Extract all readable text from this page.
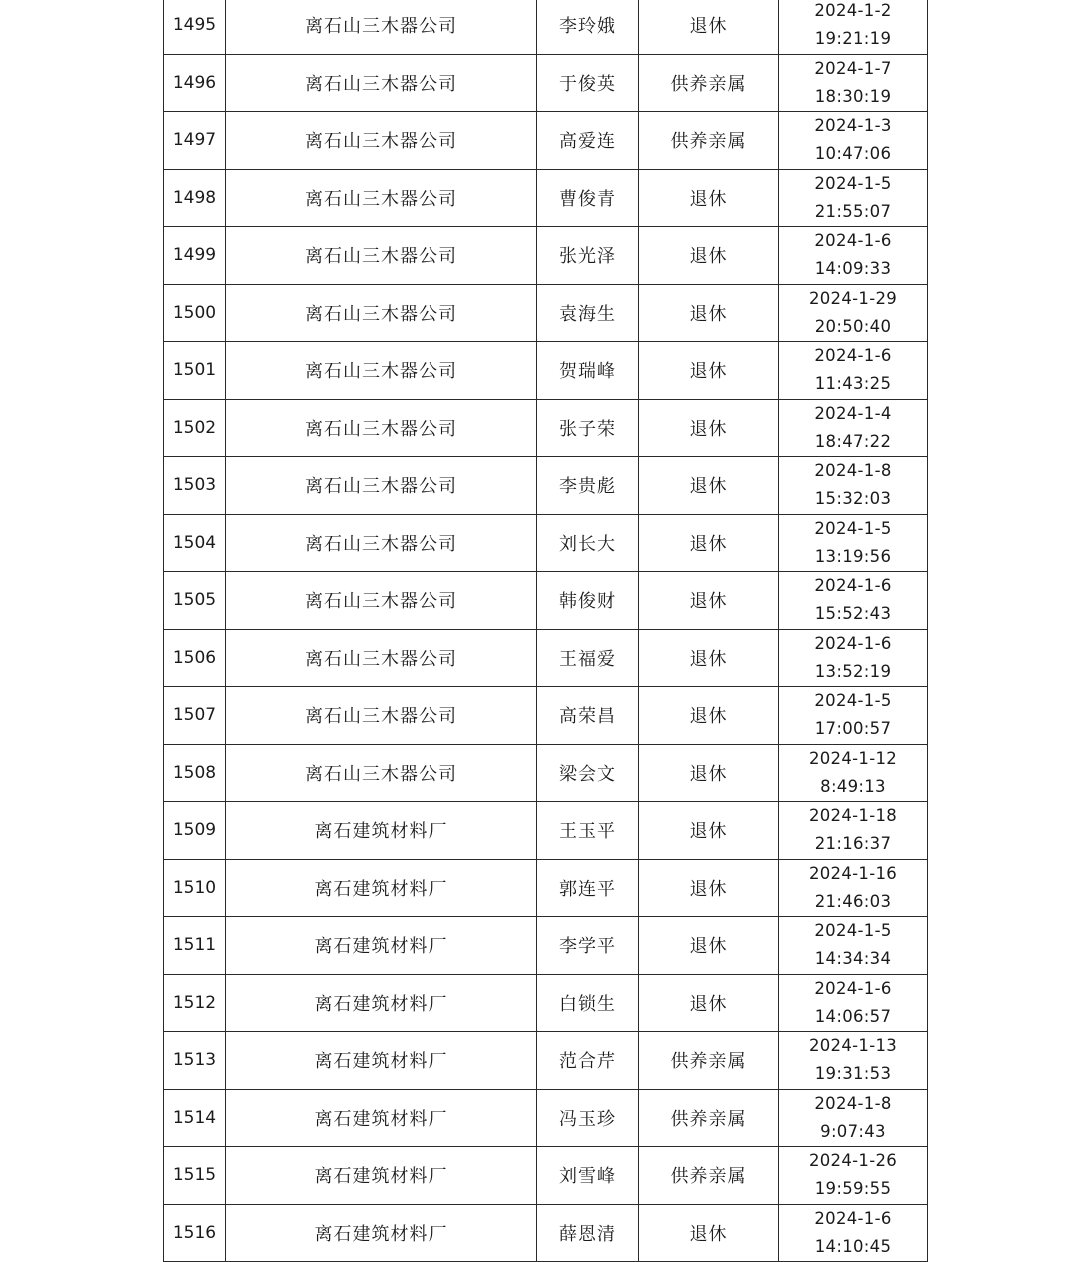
1495	离石山三木器公司	李玲娥	退休	2024-1-2
19:21:19

1496	离石山三木器公司	于俊英	供养亲属	2024-1-7
18:30:19

1497	离石山三木器公司	高爱连	供养亲属	2024-1-3
10:47:06

1498	离石山三木器公司	曹俊青	退休	2024-1-5
21:55:07

1499	离石山三木器公司	张光泽	退休	2024-1-6
14:09:33

1500	离石山三木器公司	袁海生	退休	2024-1-29
20:50:40

1501	离石山三木器公司	贺瑞峰	退休	2024-1-6
11:43:25

1502	离石山三木器公司	张子荣	退休	2024-1-4
18:47:22

1503	离石山三木器公司	李贵彪	退休	2024-1-8
15:32:03

1504	离石山三木器公司	刘长大	退休	2024-1-5
13:19:56

1505	离石山三木器公司	韩俊财	退休	2024-1-6
15:52:43

1506	离石山三木器公司	王福爱	退休	2024-1-6
13:52:19

1507	离石山三木器公司	高荣昌	退休	2024-1-5
17:00:57

1508	离石山三木器公司	梁会文	退休	2024-1-12
8:49:13

1509	离石建筑材料厂	王玉平	退休	2024-1-18
21:16:37

1510	离石建筑材料厂	郭连平	退休	2024-1-16
21:46:03

1511	离石建筑材料厂	李学平	退休	2024-1-5
14:34:34

1512	离石建筑材料厂	白锁生	退休	2024-1-6
14:06:57

1513	离石建筑材料厂	范合芹	供养亲属	2024-1-13
19:31:53

1514	离石建筑材料厂	冯玉珍	供养亲属	2024-1-8
9:07:43

1515	离石建筑材料厂	刘雪峰	供养亲属	2024-1-26
19:59:55

1516	离石建筑材料厂	薛恩清	退休	2024-1-6
14:10:45
